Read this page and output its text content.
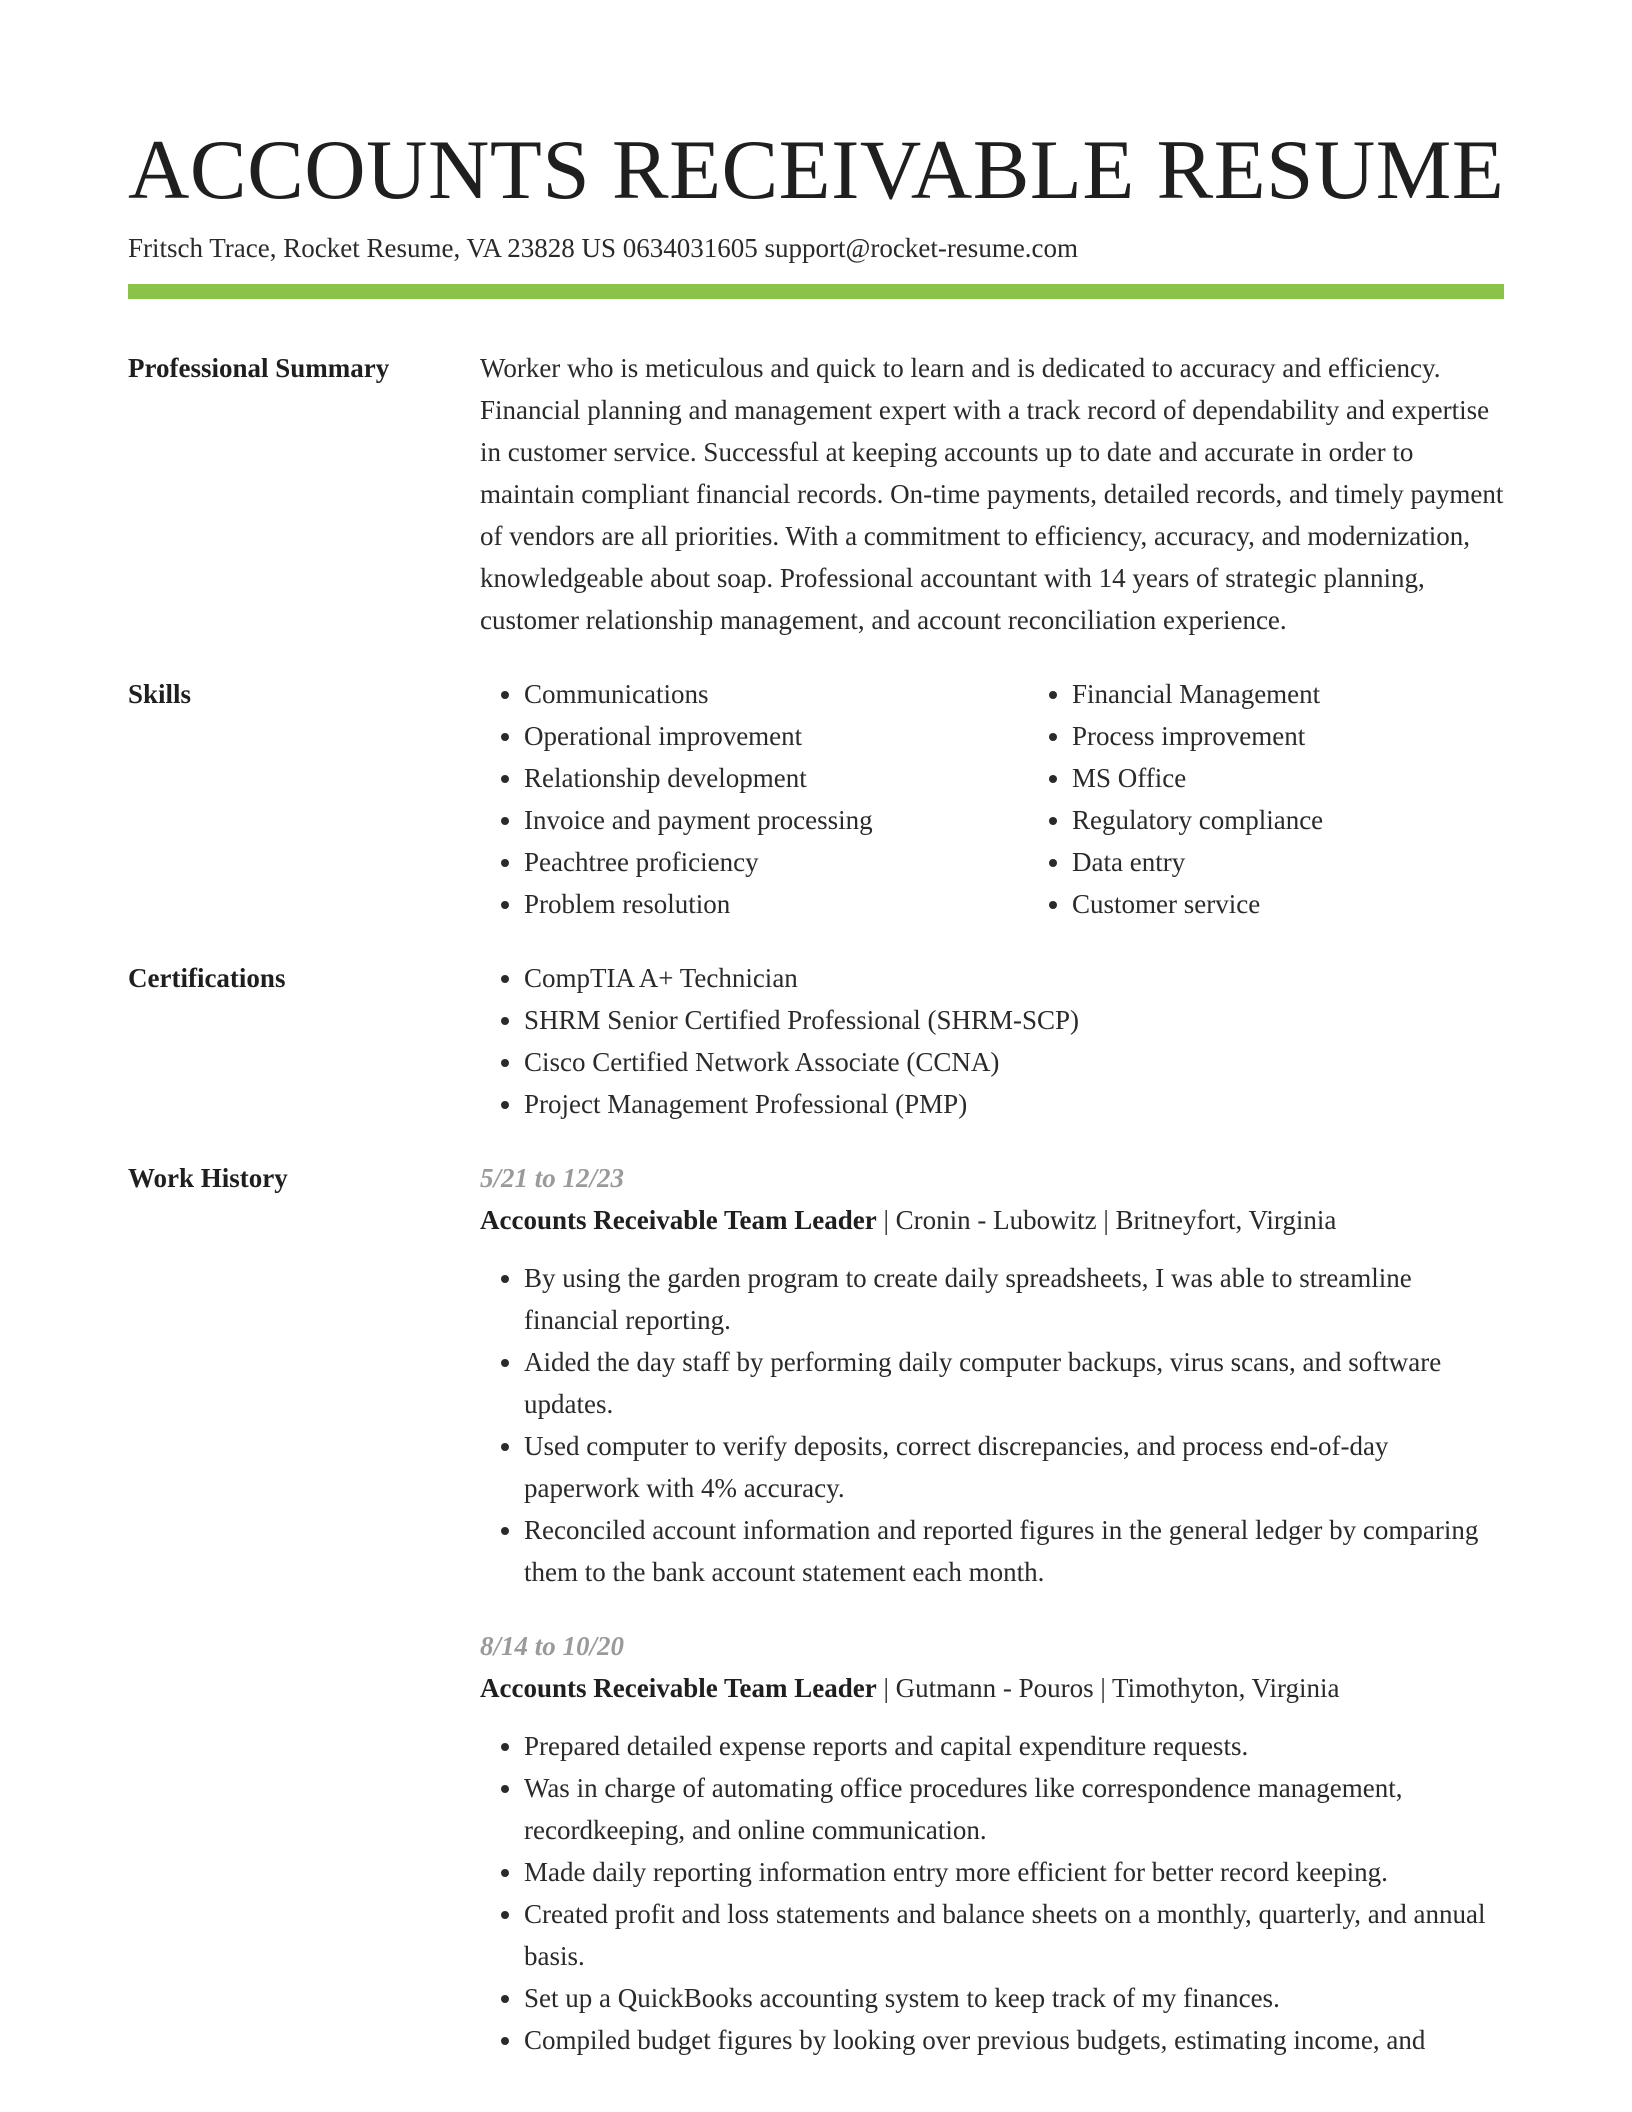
ACCOUNTS RECEIVABLE RESUME
Fritsch Trace, Rocket Resume, VA 23828 US 0634031605 support@rocket-resume.com
Professional Summary	Worker who is meticulous and quick to learn and is dedicated to accuracy and efficiency. Financial planning and management expert with a track record of dependability and expertise in customer service. Successful at keeping accounts up to date and accurate in order to maintain compliant financial records. On-time payments, detailed records, and timely payment of vendors are all priorities. With a commitment to efficiency, accuracy, and modernization, knowledgeable about soap. Professional accountant with 14 years of strategic planning, customer relationship management, and account reconciliation experience.
Skills	• Communications
• Operational improvement
• Relationship development
• Invoice and payment processing
• Peachtree proficiency
• Problem resolution
• Financial Management
• Process improvement
• MS Office
• Regulatory compliance
• Data entry
• Customer service
Certifications	• CompTIA A+ Technician
• SHRM Senior Certified Professional (SHRM-SCP)
• Cisco Certified Network Associate (CCNA)
• Project Management Professional (PMP)
Work History	5/21 to 12/23
Accounts Receivable Team Leader | Cronin - Lubowitz | Britneyfort, Virginia
• By using the garden program to create daily spreadsheets, I was able to streamline financial reporting.
• Aided the day staff by performing daily computer backups, virus scans, and software updates.
• Used computer to verify deposits, correct discrepancies, and process end-of-day paperwork with 4% accuracy.
• Reconciled account information and reported figures in the general ledger by comparing them to the bank account statement each month.
8/14 to 10/20
Accounts Receivable Team Leader | Gutmann - Pouros | Timothyton, Virginia
• Prepared detailed expense reports and capital expenditure requests.
• Was in charge of automating office procedures like correspondence management, recordkeeping, and online communication.
• Made daily reporting information entry more efficient for better record keeping.
• Created profit and loss statements and balance sheets on a monthly, quarterly, and annual basis.
• Set up a QuickBooks accounting system to keep track of my finances.
• Compiled budget figures by looking over previous budgets, estimating income, and
